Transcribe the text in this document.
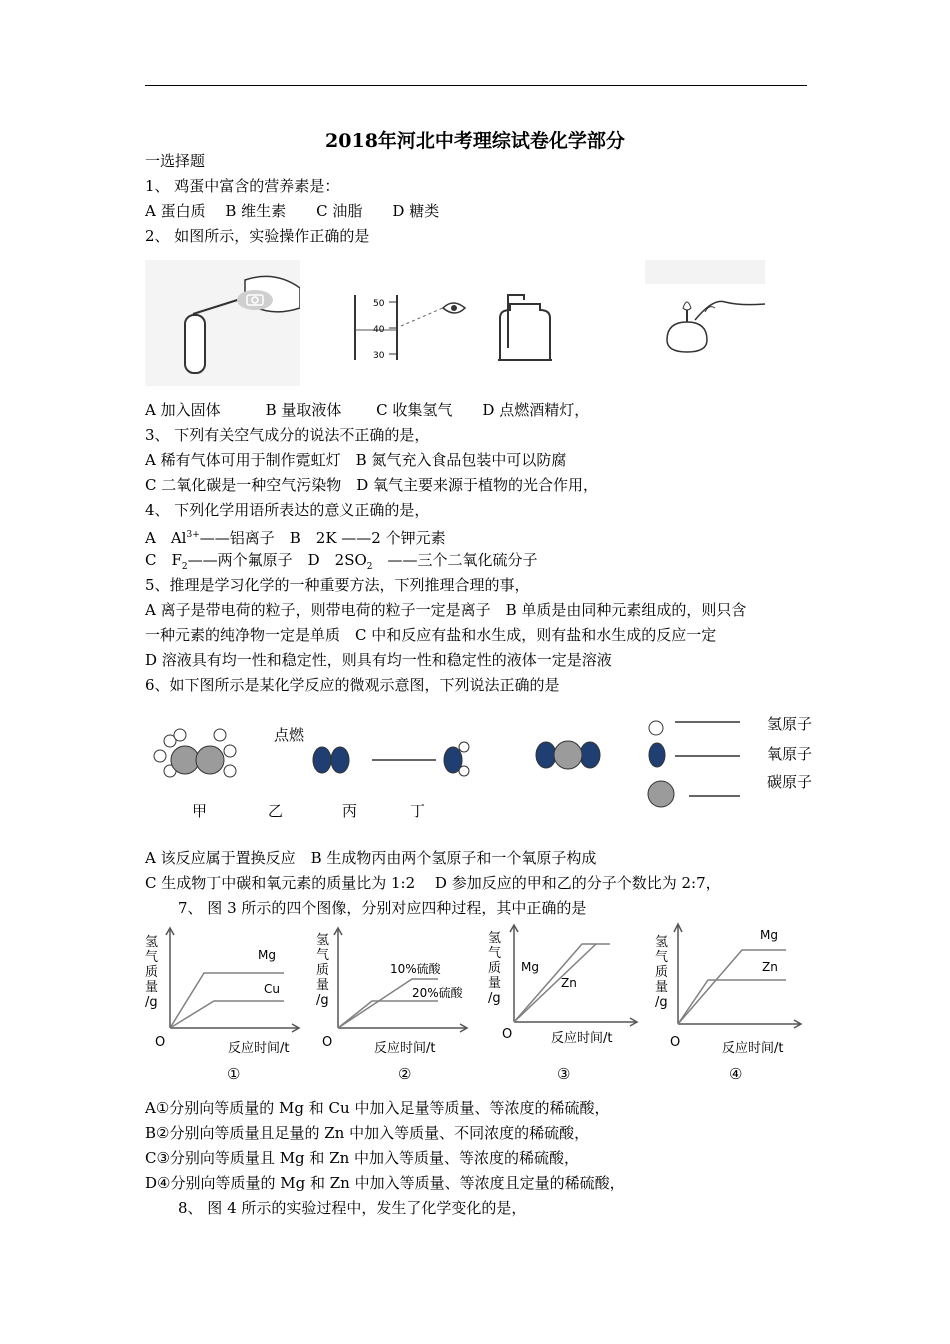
2018年河北中考理综试卷化学部分
一选择题
1、 鸡蛋中富含的营养素是：
A 蛋白质　 B 维生素　　C 油脂　　D 糖类
2、 如图所示，实验操作正确的是
50
40
30
A 加入固体　　　B 量取液体　　 C 收集氢气　　D 点燃酒精灯，
3、 下列有关空气成分的说法不正确的是，
A 稀有气体可用于制作霓虹灯　B 氮气充入食品包装中可以防腐
C 二氧化碳是一种空气污染物　D 氧气主要来源于植物的光合作用，
4、 下列化学用语所表达的意义正确的是，
A　$Al^{3+}——$铝离子　B　2K ——2 个钾元素
C　$F_2——$两个氟原子　D　$2SO_2$　——三个二氧化硫分子
5、推理是学习化学的一种重要方法，下列推理合理的事，
A 离子是带电荷的粒子，则带电荷的粒子一定是离子　B 单质是由同种元素组成的，则只含
一种元素的纯净物一定是单质　C 中和反应有盐和水生成，则有盐和水生成的反应一定
D 溶液具有均一性和稳定性，则具有均一性和稳定性的液体一定是溶液
6、如下图所示是某化学反应的微观示意图，下列说法正确的是
点燃
甲	乙	丙	丁
氢原子
氧原子
碳原子
A 该反应属于置换反应　B 生成物丙由两个氢原子和一个氧原子构成
C 生成物丁中碳和氧元素的质量比为 1:2　 D 参加反应的甲和乙的分子个数比为 2:7，
7、 图 3 所示的四个图像，分别对应四种过程，其中正确的是
氢
气
质
量
/g
Mg
Cu
O	反应时间/t
①
氢
气
质
量
/g
10%硫酸
20%硫酸
O	反应时间/t
②
氢
气
质
量
/g
Mg
Zn
O	反应时间/t
③
氢
气
质
量
/g
Mg
Zn
O	反应时间/t
④
A①分别向等质量的 Mg 和 Cu 中加入足量等质量、等浓度的稀硫酸，
B②分别向等质量且足量的 Zn 中加入等质量、不同浓度的稀硫酸，
C③分别向等质量且 Mg 和 Zn 中加入等质量、等浓度的稀硫酸，
D④分别向等质量的 Mg 和 Zn 中加入等质量、等浓度且定量的稀硫酸，
8、 图 4 所示的实验过程中，发生了化学变化的是，
